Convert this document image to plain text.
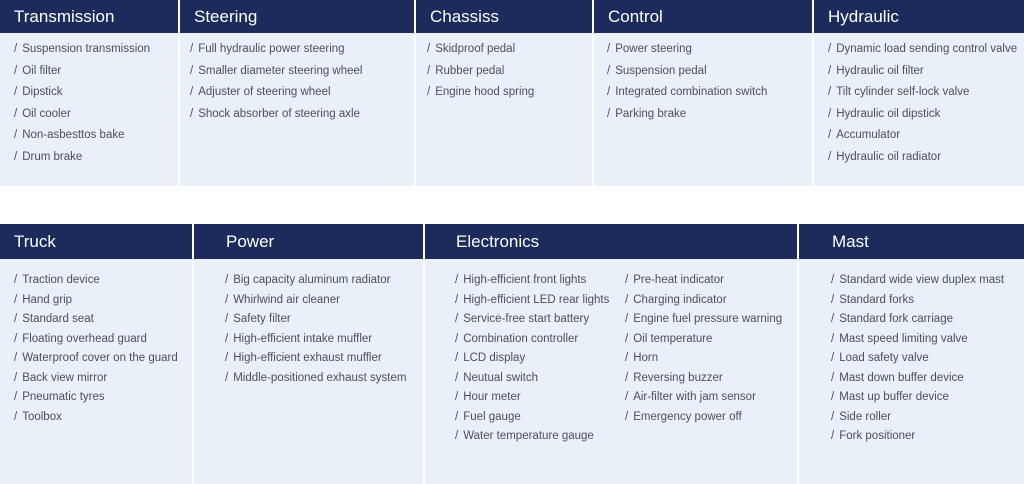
Transmission
/ Suspension transmission
/ Oil filter
/ Dipstick
/ Oil cooler
/ Non-asbesttos bake
/ Drum brake
Steering
/ Full hydraulic power steering
/ Smaller diameter steering wheel
/ Adjuster of steering wheel
/ Shock absorber of steering axle
Chassiss
/ Skidproof pedal
/ Rubber pedal
/ Engine hood spring
Control
/ Power steering
/ Suspension pedal
/ Integrated combination switch
/ Parking brake
Hydraulic
/ Dynamic load sending control valve
/ Hydraulic oil filter
/ Tilt cylinder self-lock valve
/ Hydraulic oil dipstick
/ Accumulator
/ Hydraulic oil radiator
Truck
/ Traction device
/ Hand grip
/ Standard seat
/ Floating overhead guard
/ Waterproof cover on the guard
/ Back view mirror
/ Pneumatic tyres
/ Toolbox
Power
/ Big capacity aluminum radiator
/ Whirlwind air cleaner
/ Safety filter
/ High-efficient intake muffler
/ High-efficient exhaust muffler
/ Middle-positioned exhaust system
Electronics
/ High-efficient front lights
/ High-efficient LED rear lights
/ Service-free start battery
/ Combination controller
/ LCD display
/ Neutual switch
/ Hour meter
/ Fuel gauge
/ Water temperature gauge
/ Pre-heat indicator
/ Charging indicator
/ Engine fuel pressure warning
/ Oil temperature
/ Horn
/ Reversing buzzer
/ Air-filter with jam sensor
/ Emergency power off
Mast
/ Standard wide view duplex mast
/ Standard forks
/ Standard fork carriage
/ Mast speed limiting valve
/ Load safety valve
/ Mast down buffer device
/ Mast up buffer device
/ Side roller
/ Fork positioner
